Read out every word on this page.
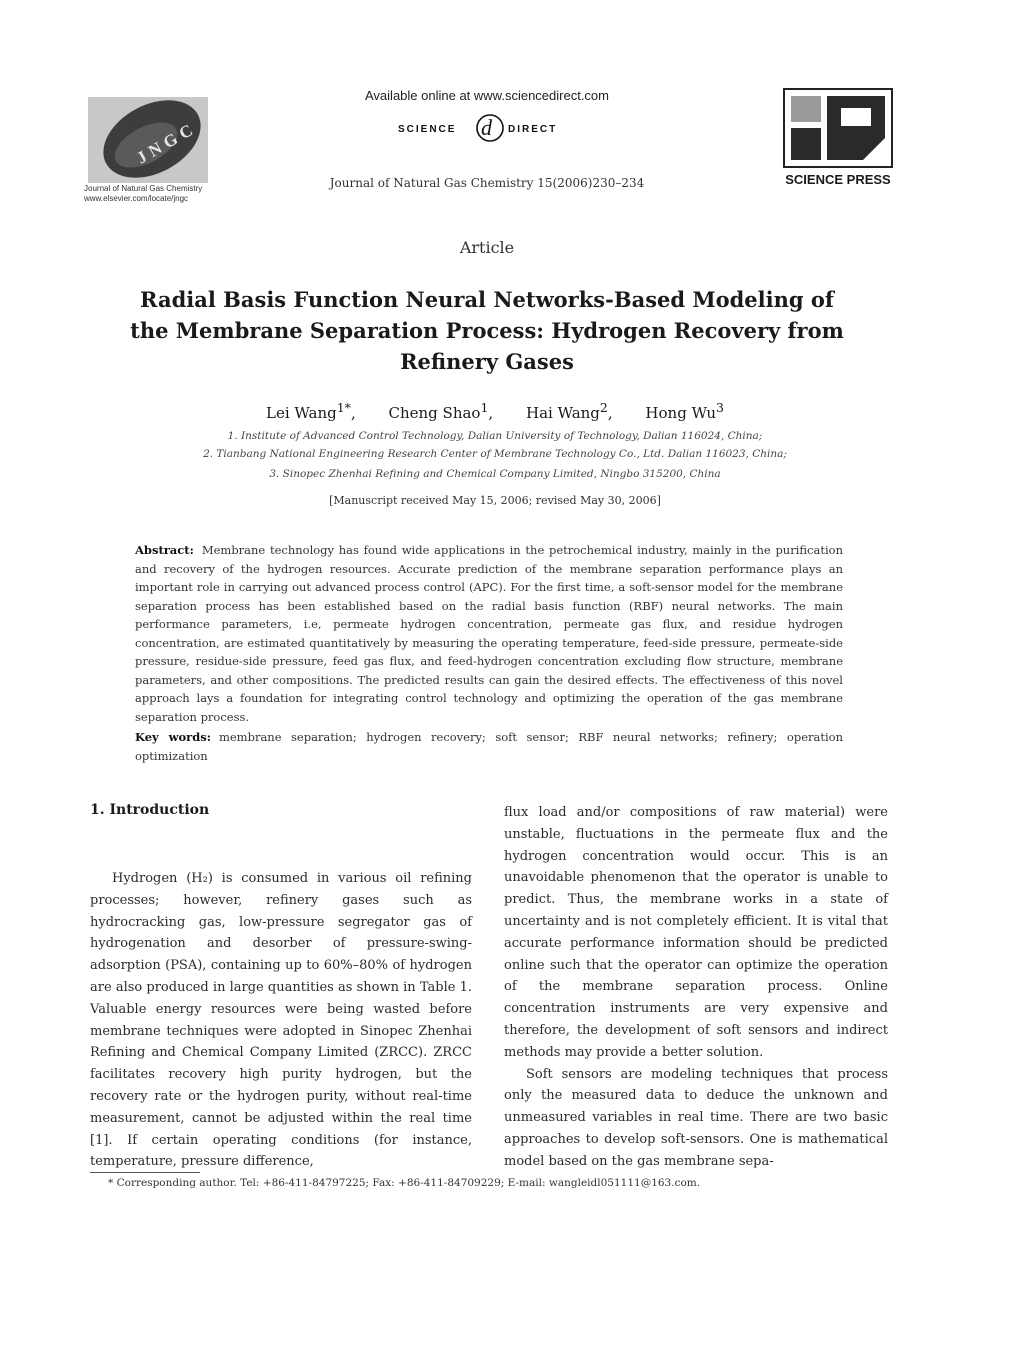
JNGC
Journal of Natural Gas Chemistry
www.elsevier.com/locate/jngc
Available online at www.sciencedirect.com
SCIENCE d DIRECT
Journal of Natural Gas Chemistry 15(2006)230–234	SCIENCE PRESS
Article
Radial Basis Function Neural Networks-Based Modeling of the Membrane Separation Process: Hydrogen Recovery from Refinery Gases
Lei Wang$^{1*}$, Cheng Shao$^1$, Hai Wang$^2$, Hong Wu$^3$
1. Institute of Advanced Control Technology, Dalian University of Technology, Dalian 116024, China;
2. Tianbang National Engineering Research Center of Membrane Technology Co., Ltd. Dalian 116023, China;
3. Sinopec Zhenhai Refining and Chemical Company Limited, Ningbo 315200, China
[Manuscript received May 15, 2006; revised May 30, 2006]
Abstract: Membrane technology has found wide applications in the petrochemical industry, mainly in the purification and recovery of the hydrogen resources. Accurate prediction of the membrane separation performance plays an important role in carrying out advanced process control (APC). For the first time, a soft-sensor model for the membrane separation process has been established based on the radial basis function (RBF) neural networks. The main performance parameters, i.e, permeate hydrogen concentration, permeate gas flux, and residue hydrogen concentration, are estimated quantitatively by measuring the operating temperature, feed-side pressure, permeate-side pressure, residue-side pressure, feed gas flux, and feed-hydrogen concentration excluding flow structure, membrane parameters, and other compositions. The predicted results can gain the desired effects. The effectiveness of this novel approach lays a foundation for integrating control technology and optimizing the operation of the gas membrane separation process.
Key words: membrane separation; hydrogen recovery; soft sensor; RBF neural networks; refinery; operation optimization
1. Introduction

Hydrogen (H₂) is consumed in various oil refining processes; however, refinery gases such as hydrocracking gas, low-pressure segregator gas of hydrogenation and desorber of pressure-swing-adsorption (PSA), containing up to 60%–80% of hydrogen are also produced in large quantities as shown in Table 1. Valuable energy resources were being wasted before membrane techniques were adopted in Sinopec Zhenhai Refining and Chemical Company Limited (ZRCC). ZRCC facilitates recovery high purity hydrogen, but the recovery rate or the hydrogen purity, without real-time measurement, cannot be adjusted within the real time [1]. If certain operating conditions (for instance, temperature, pressure difference,

flux load and/or compositions of raw material) were unstable, fluctuations in the permeate flux and the hydrogen concentration would occur. This is an unavoidable phenomenon that the operator is unable to predict. Thus, the membrane works in a state of uncertainty and is not completely efficient. It is vital that accurate performance information should be predicted online such that the operator can optimize the operation of the membrane separation process. Online concentration instruments are very expensive and therefore, the development of soft sensors and indirect methods may provide a better solution.

Soft sensors are modeling techniques that process only the measured data to deduce the unknown and unmeasured variables in real time. There are two basic approaches to develop soft-sensors. One is mathematical model based on the gas membrane sepa-

* Corresponding author. Tel: +86-411-84797225; Fax: +86-411-84709229; E-mail: wangleidl051111@163.com.
